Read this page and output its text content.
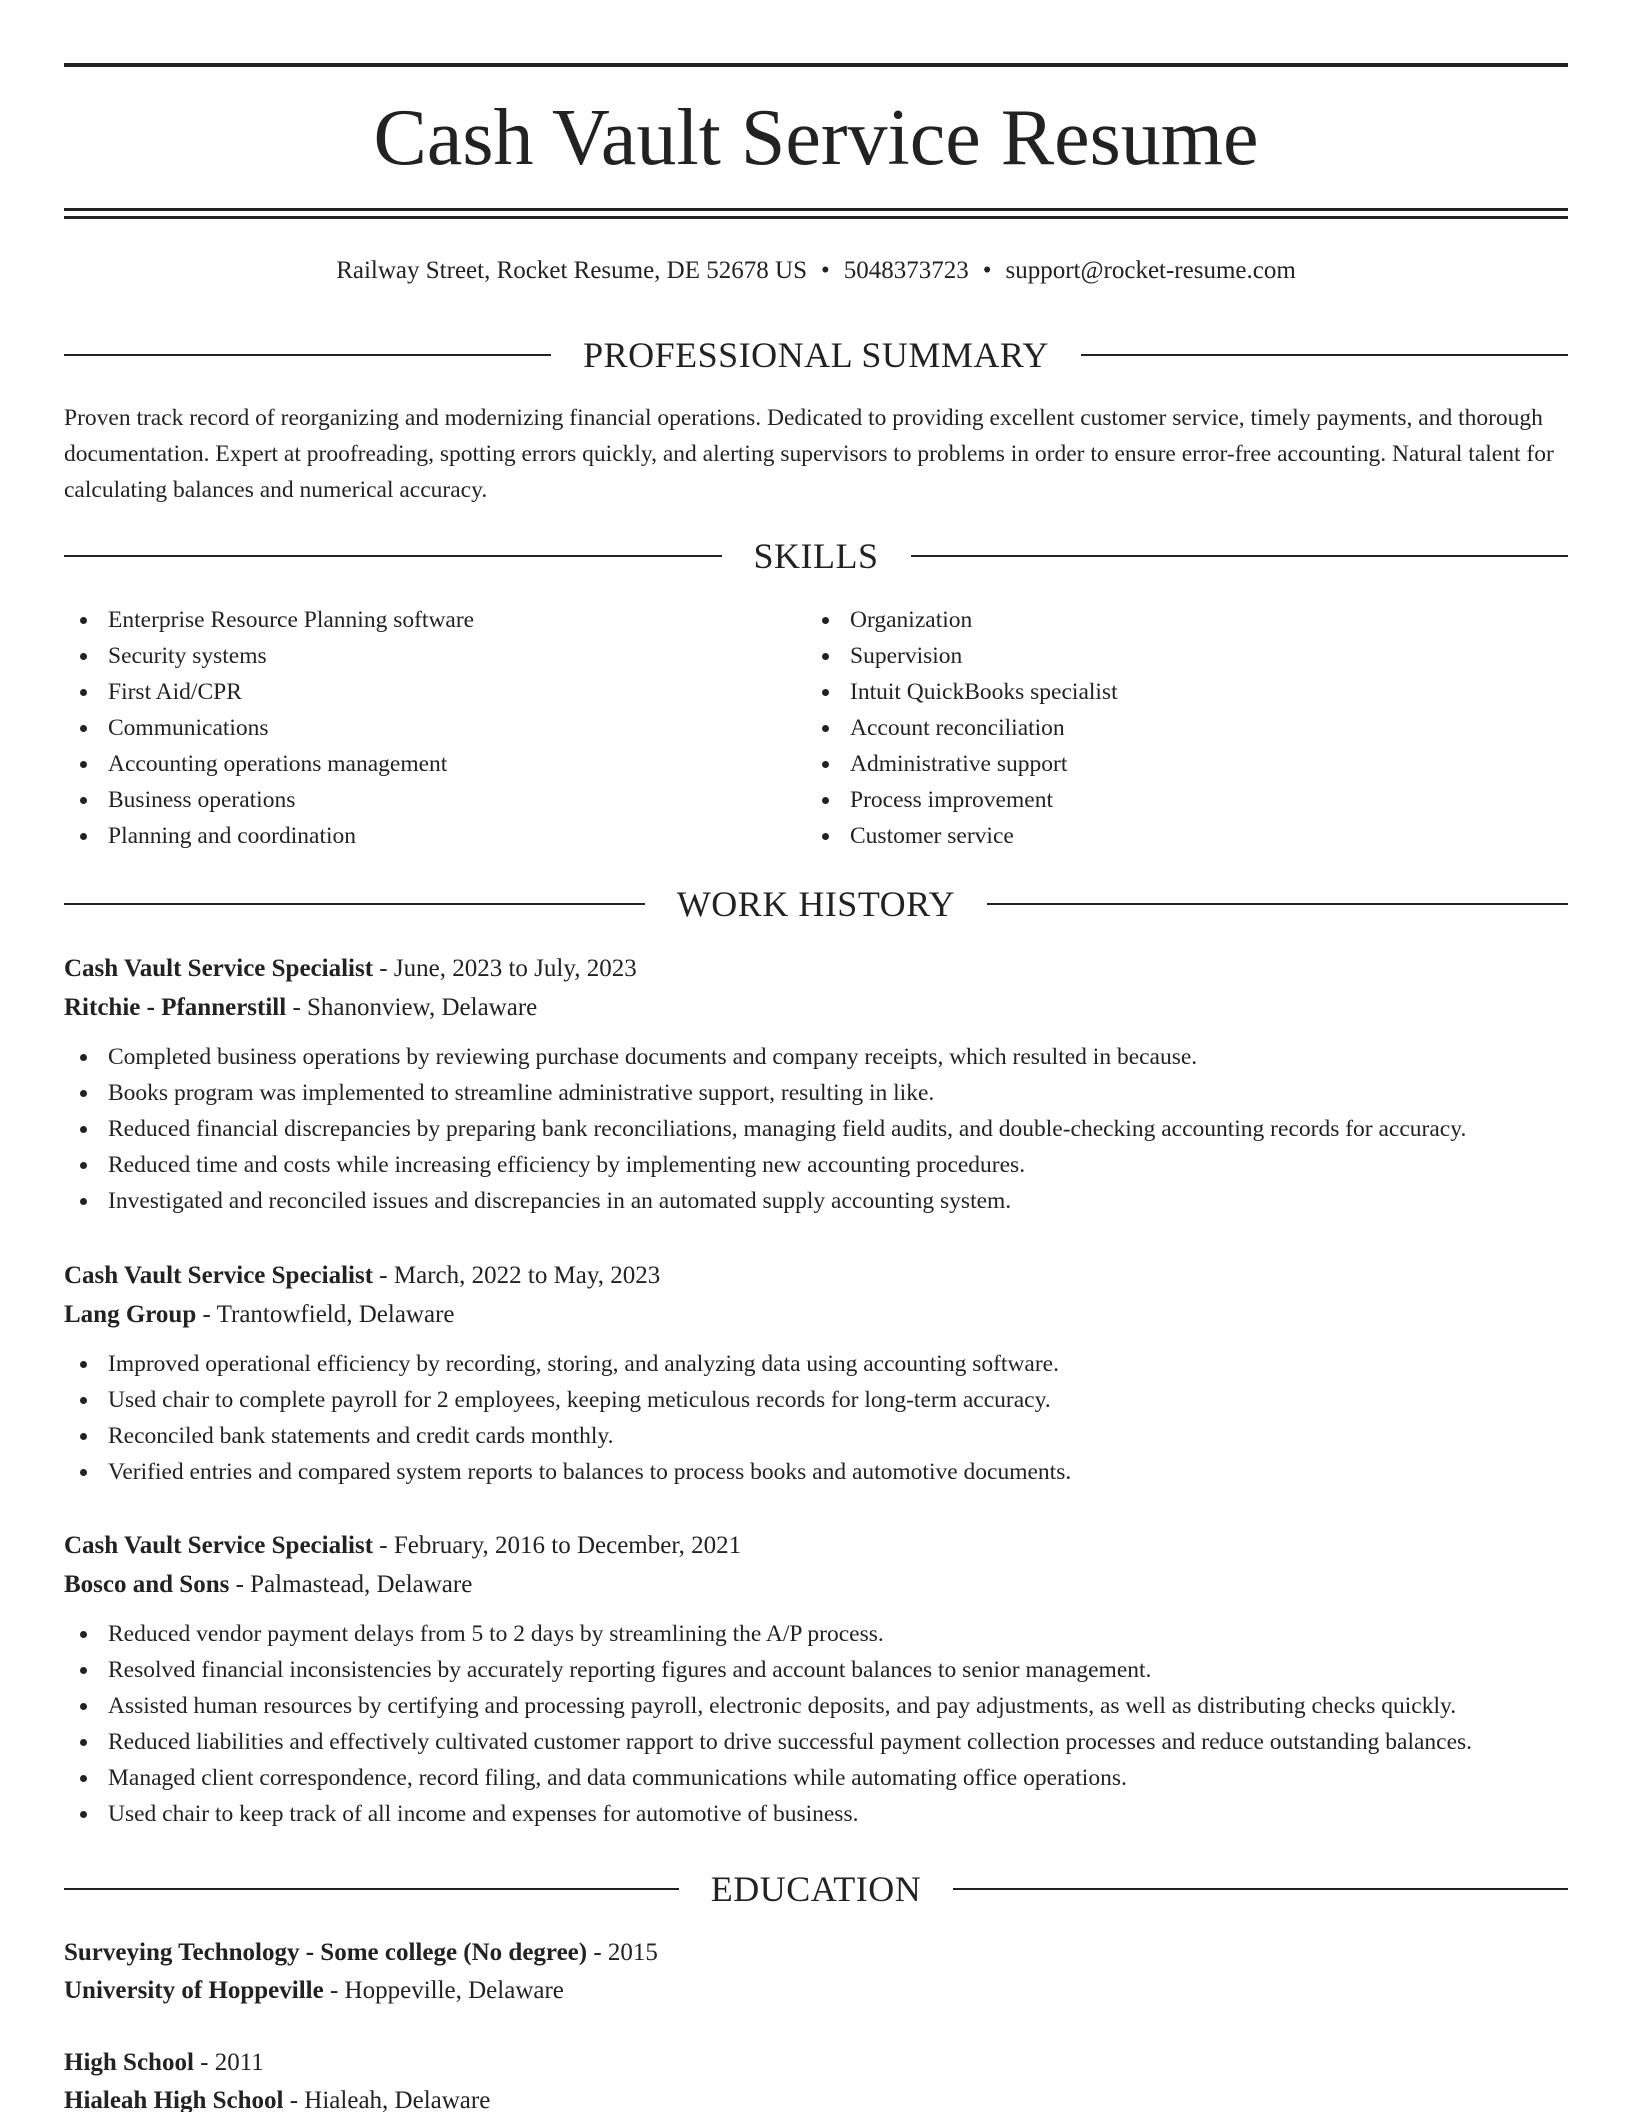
Cash Vault Service Resume
Railway Street, Rocket Resume, DE 52678 US • 5048373723 • support@rocket-resume.com
PROFESSIONAL SUMMARY

Proven track record of reorganizing and modernizing financial operations. Dedicated to providing excellent customer service, timely payments, and thorough documentation. Expert at proofreading, spotting errors quickly, and alerting supervisors to problems in order to ensure error-free accounting. Natural talent for calculating balances and numerical accuracy.

SKILLS
Enterprise Resource Planning software
Security systems
First Aid/CPR
Communications
Accounting operations management
Business operations
Planning and coordination
Organization
Supervision
Intuit QuickBooks specialist
Account reconciliation
Administrative support
Process improvement
Customer service
WORK HISTORY
Cash Vault Service Specialist - June, 2023 to July, 2023
Ritchie - Pfannerstill - Shanonview, Delaware
Completed business operations by reviewing purchase documents and company receipts, which resulted in because.
Books program was implemented to streamline administrative support, resulting in like.
Reduced financial discrepancies by preparing bank reconciliations, managing field audits, and double-checking accounting records for accuracy.
Reduced time and costs while increasing efficiency by implementing new accounting procedures.
Investigated and reconciled issues and discrepancies in an automated supply accounting system.
Cash Vault Service Specialist - March, 2022 to May, 2023
Lang Group - Trantowfield, Delaware
Improved operational efficiency by recording, storing, and analyzing data using accounting software.
Used chair to complete payroll for 2 employees, keeping meticulous records for long-term accuracy.
Reconciled bank statements and credit cards monthly.
Verified entries and compared system reports to balances to process books and automotive documents.
Cash Vault Service Specialist - February, 2016 to December, 2021
Bosco and Sons - Palmastead, Delaware
Reduced vendor payment delays from 5 to 2 days by streamlining the A/P process.
Resolved financial inconsistencies by accurately reporting figures and account balances to senior management.
Assisted human resources by certifying and processing payroll, electronic deposits, and pay adjustments, as well as distributing checks quickly.
Reduced liabilities and effectively cultivated customer rapport to drive successful payment collection processes and reduce outstanding balances.
Managed client correspondence, record filing, and data communications while automating office operations.
Used chair to keep track of all income and expenses for automotive of business.
EDUCATION
Surveying Technology - Some college (No degree) - 2015
University of Hoppeville - Hoppeville, Delaware
High School - 2011
Hialeah High School - Hialeah, Delaware
